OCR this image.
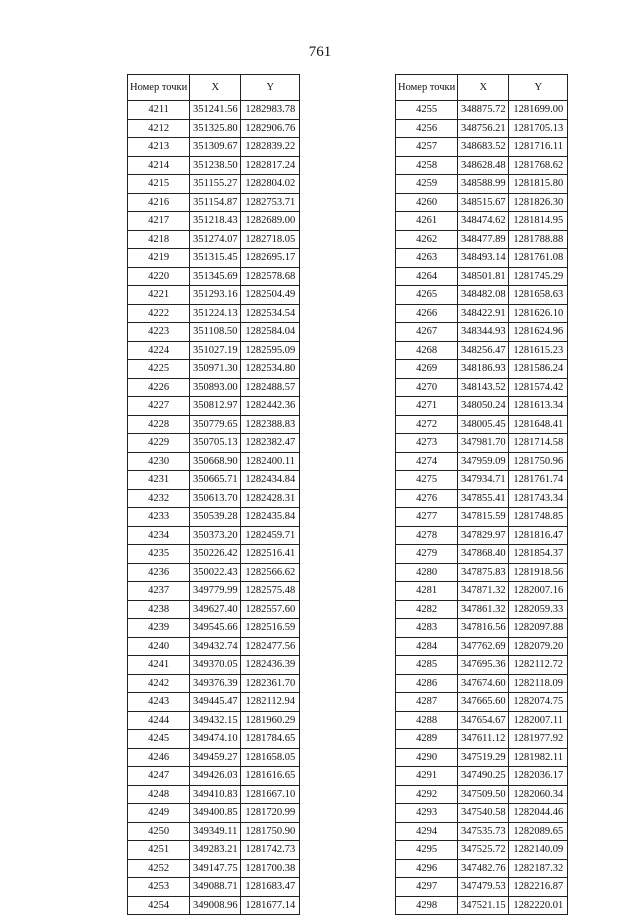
761
Номер точки	X	Y
4211	351241.56	1282983.78
4212	351325.80	1282906.76
4213	351309.67	1282839.22
4214	351238.50	1282817.24
4215	351155.27	1282804.02
4216	351154.87	1282753.71
4217	351218.43	1282689.00
4218	351274.07	1282718.05
4219	351315.45	1282695.17
4220	351345.69	1282578.68
4221	351293.16	1282504.49
4222	351224.13	1282534.54
4223	351108.50	1282584.04
4224	351027.19	1282595.09
4225	350971.30	1282534.80
4226	350893.00	1282488.57
4227	350812.97	1282442.36
4228	350779.65	1282388.83
4229	350705.13	1282382.47
4230	350668.90	1282400.11
4231	350665.71	1282434.84
4232	350613.70	1282428.31
4233	350539.28	1282435.84
4234	350373.20	1282459.71
4235	350226.42	1282516.41
4236	350022.43	1282566.62
4237	349779.99	1282575.48
4238	349627.40	1282557.60
4239	349545.66	1282516.59
4240	349432.74	1282477.56
4241	349370.05	1282436.39
4242	349376.39	1282361.70
4243	349445.47	1282112.94
4244	349432.15	1281960.29
4245	349474.10	1281784.65
4246	349459.27	1281658.05
4247	349426.03	1281616.65
4248	349410.83	1281667.10
4249	349400.85	1281720.99
4250	349349.11	1281750.90
4251	349283.21	1281742.73
4252	349147.75	1281700.38
4253	349088.71	1281683.47
4254	349008.96	1281677.14
Номер точки	X	Y
4255	348875.72	1281699.00
4256	348756.21	1281705.13
4257	348683.52	1281716.11
4258	348628.48	1281768.62
4259	348588.99	1281815.80
4260	348515.67	1281826.30
4261	348474.62	1281814.95
4262	348477.89	1281788.88
4263	348493.14	1281761.08
4264	348501.81	1281745.29
4265	348482.08	1281658.63
4266	348422.91	1281626.10
4267	348344.93	1281624.96
4268	348256.47	1281615.23
4269	348186.93	1281586.24
4270	348143.52	1281574.42
4271	348050.24	1281613.34
4272	348005.45	1281648.41
4273	347981.70	1281714.58
4274	347959.09	1281750.96
4275	347934.71	1281761.74
4276	347855.41	1281743.34
4277	347815.59	1281748.85
4278	347829.97	1281816.47
4279	347868.40	1281854.37
4280	347875.83	1281918.56
4281	347871.32	1282007.16
4282	347861.32	1282059.33
4283	347816.56	1282097.88
4284	347762.69	1282079.20
4285	347695.36	1282112.72
4286	347674.60	1282118.09
4287	347665.60	1282074.75
4288	347654.67	1282007.11
4289	347611.12	1281977.92
4290	347519.29	1281982.11
4291	347490.25	1282036.17
4292	347509.50	1282060.34
4293	347540.58	1282044.46
4294	347535.73	1282089.65
4295	347525.72	1282140.09
4296	347482.76	1282187.32
4297	347479.53	1282216.87
4298	347521.15	1282220.01
